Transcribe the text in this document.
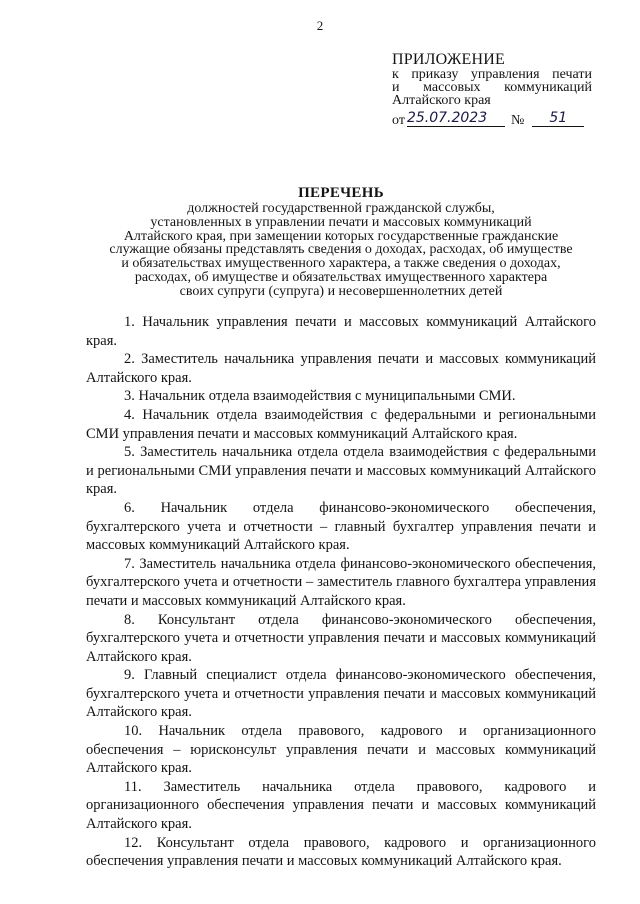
2
ПРИЛОЖЕНИЕ
к приказу управления печати
и массовых коммуникаций
Алтайского края
от 25.07.2023	№	51
ПЕРЕЧЕНЬ
должностей государственной гражданской службы,
установленных в управлении печати и массовых коммуникаций
Алтайского края, при замещении которых государственные гражданские
служащие обязаны представлять сведения о доходах, расходах, об имуществе
и обязательствах имущественного характера, а также сведения о доходах,
расходах, об имуществе и обязательствах имущественного характера
своих супруги (супруга) и несовершеннолетних детей

1. Начальник управления печати и массовых коммуникаций Алтайского края.

2. Заместитель начальника управления печати и массовых коммуникаций Алтайского края.

3. Начальник отдела взаимодействия с муниципальными СМИ.

4. Начальник отдела взаимодействия с федеральными и региональными СМИ управления печати и массовых коммуникаций Алтайского края.

5. Заместитель начальника отдела отдела взаимодействия с федеральными и региональными СМИ управления печати и массовых коммуникаций Алтайского края.

6. Начальник отдела финансово-экономического обеспечения, бухгалтерского учета и отчетности – главный бухгалтер управления печати и массовых коммуникаций Алтайского края.

7. Заместитель начальника отдела финансово-экономического обеспечения, бухгалтерского учета и отчетности – заместитель главного бухгалтера управления печати и массовых коммуникаций Алтайского края.

8. Консультант отдела финансово-экономического обеспечения, бухгалтерского учета и отчетности управления печати и массовых коммуникаций Алтайского края.

9. Главный специалист отдела финансово-экономического обеспечения, бухгалтерского учета и отчетности управления печати и массовых коммуникаций Алтайского края.

10. Начальник отдела правового, кадрового и организационного обеспечения – юрисконсульт управления печати и массовых коммуникаций Алтайского края.

11. Заместитель начальника отдела правового, кадрового и организационного обеспечения управления печати и массовых коммуникаций Алтайского края.

12. Консультант отдела правового, кадрового и организационного обеспечения управления печати и массовых коммуникаций Алтайского края.
